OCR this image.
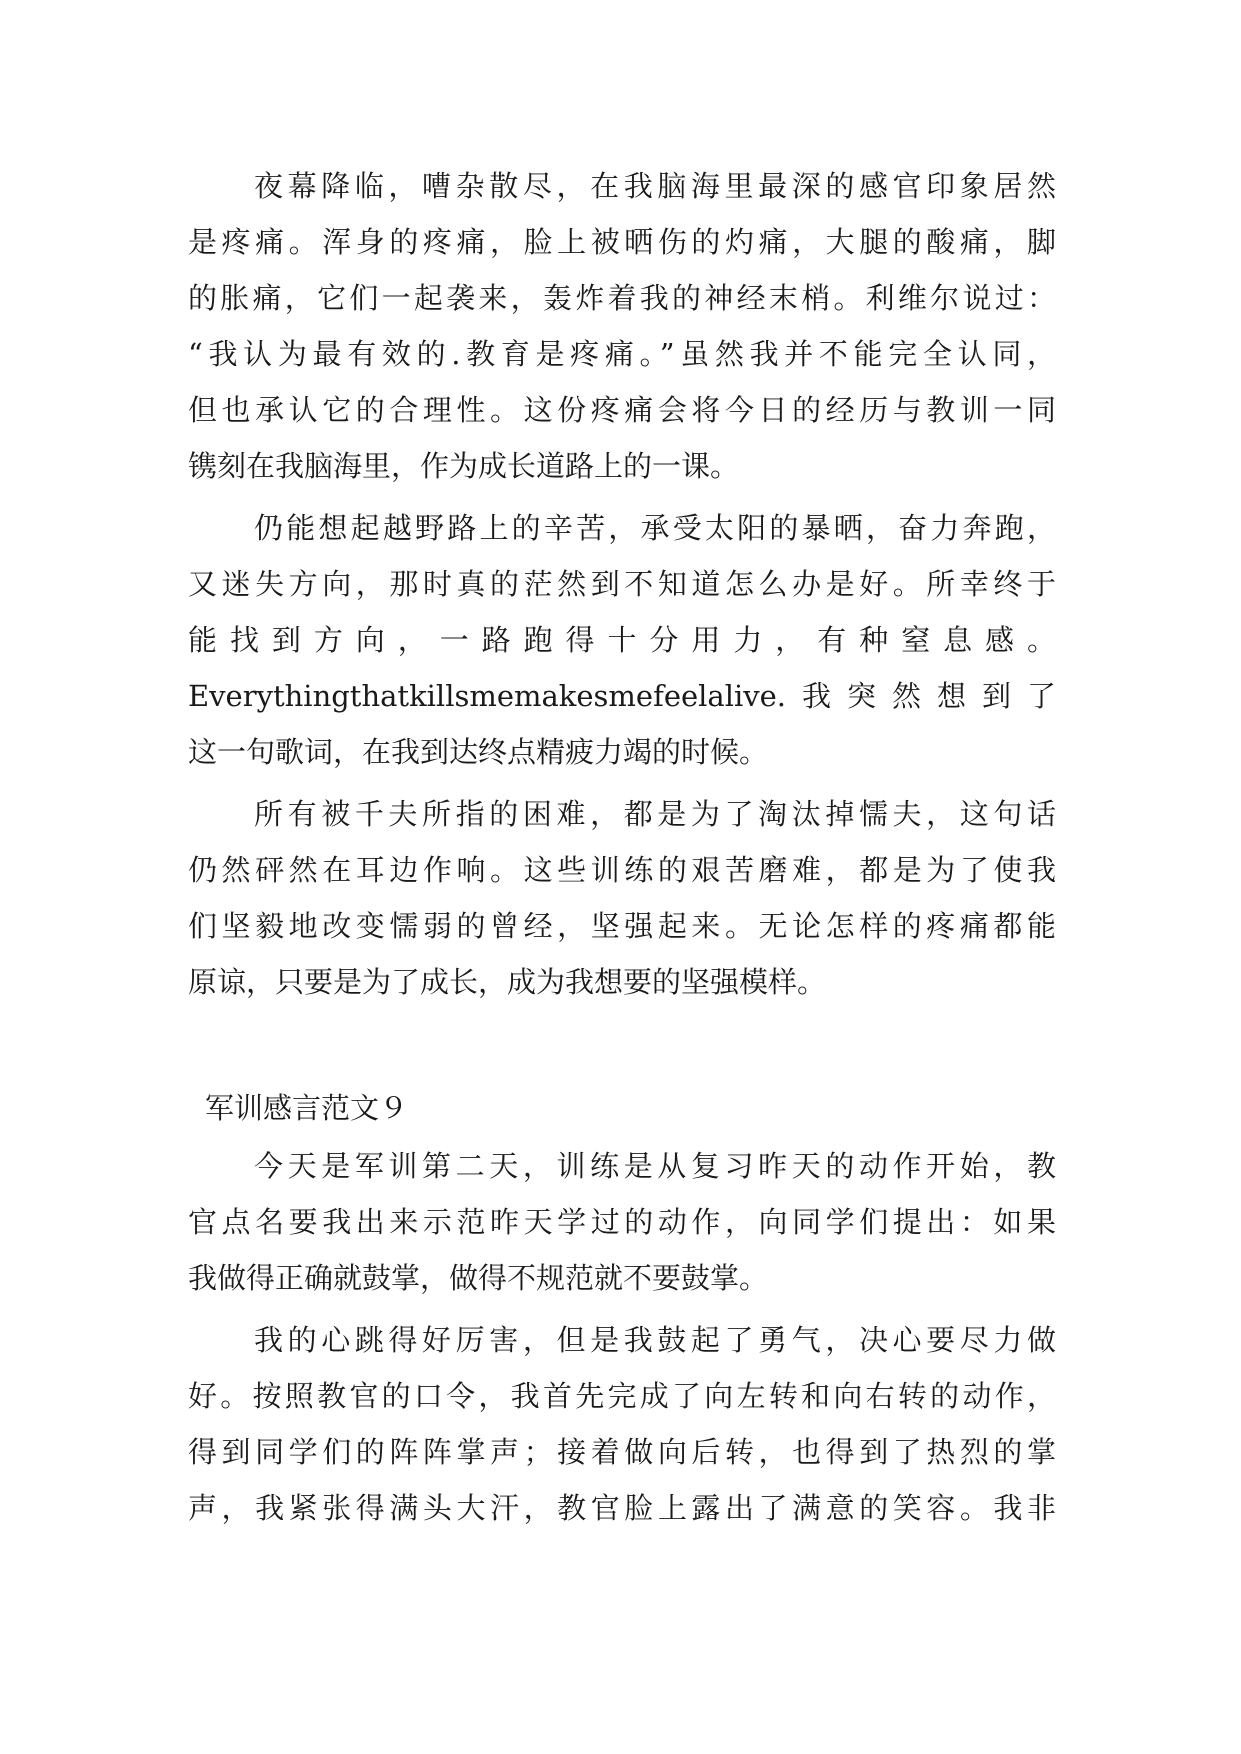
夜幕降临，嘈杂散尽，在我脑海里最深的感官印象居然
是疼痛。浑身的疼痛，脸上被晒伤的灼痛，大腿的酸痛，脚
的胀痛，它们一起袭来，轰炸着我的神经末梢。利维尔说过：
“我认为最有效的.教育是疼痛。”虽然我并不能完全认同，
但也承认它的合理性。这份疼痛会将今日的经历与教训一同
镌刻在我脑海里，作为成长道路上的一课。
仍能想起越野路上的辛苦，承受太阳的暴晒，奋力奔跑，
又迷失方向，那时真的茫然到不知道怎么办是好。所幸终于
能找到方向，一路跑得十分用力，有种窒息感。
Everythingthatkillsmemakesmefeelalive.我突然想到了
这一句歌词，在我到达终点精疲力竭的时候。
所有被千夫所指的困难，都是为了淘汰掉懦夫，这句话
仍然砰然在耳边作响。这些训练的艰苦磨难，都是为了使我
们坚毅地改变懦弱的曾经，坚强起来。无论怎样的疼痛都能
原谅，只要是为了成长，成为我想要的坚强模样。
军训感言范文９
今天是军训第二天，训练是从复习昨天的动作开始，教
官点名要我出来示范昨天学过的动作，向同学们提出：如果
我做得正确就鼓掌，做得不规范就不要鼓掌。
我的心跳得好厉害，但是我鼓起了勇气，决心要尽力做
好。按照教官的口令，我首先完成了向左转和向右转的动作，
得到同学们的阵阵掌声；接着做向后转，也得到了热烈的掌
声，我紧张得满头大汗，教官脸上露出了满意的笑容。我非
